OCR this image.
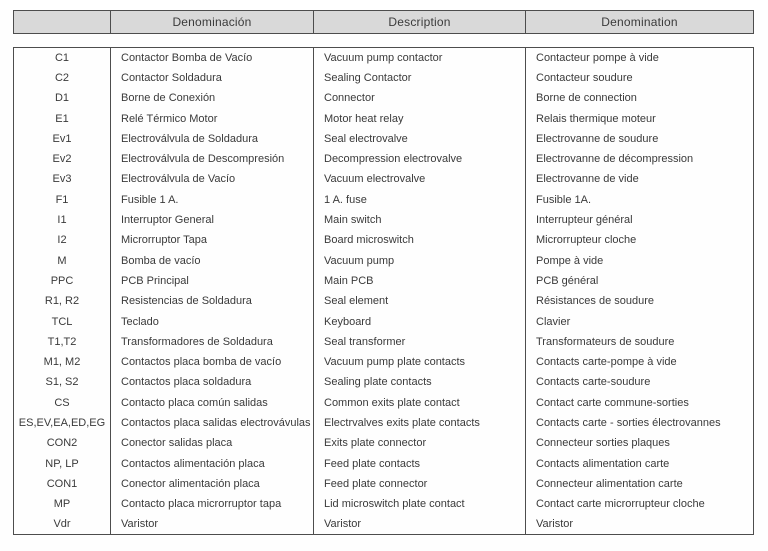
	Denominación	Description	Denomination
C1	Contactor Bomba de Vacío	Vacuum pump contactor	Contacteur pompe à vide
C2	Contactor Soldadura	Sealing Contactor	Contacteur soudure
D1	Borne de Conexión	Connector	Borne de connection
E1	Relé Térmico Motor	Motor heat relay	Relais thermique moteur
Ev1	Electroválvula de Soldadura	Seal electrovalve	Electrovanne de soudure
Ev2	Electroválvula de Descompresión	Decompression electrovalve	Electrovanne de décompression
Ev3	Electroválvula de Vacío	Vacuum electrovalve	Electrovanne de vide
F1	Fusible 1 A.	1 A. fuse	Fusible 1A.
I1	Interruptor General	Main switch	Interrupteur général
I2	Microrruptor Tapa	Board microswitch	Microrrupteur cloche
M	Bomba de vacío	Vacuum pump	Pompe à vide
PPC	PCB Principal	Main PCB	PCB général
R1, R2	Resistencias de Soldadura	Seal element	Résistances de soudure
TCL	Teclado	Keyboard	Clavier
T1,T2	Transformadores de Soldadura	Seal transformer	Transformateurs de soudure
M1, M2	Contactos placa bomba de vacío	Vacuum pump plate contacts	Contacts carte-pompe à vide
S1, S2	Contactos placa soldadura	Sealing plate contacts	Contacts carte-soudure
CS	Contacto placa común salidas	Common exits plate contact	Contact carte commune-sorties
ES,EV,EA,ED,EG	Contactos placa salidas electrovávulas	Electrvalves exits plate contacts	Contacts carte - sorties électrovannes
CON2	Conector salidas placa	Exits plate connector	Connecteur sorties plaques
NP, LP	Contactos alimentación placa	Feed plate contacts	Contacts alimentation carte
CON1	Conector alimentación placa	Feed plate connector	Connecteur alimentation carte
MP	Contacto placa microrruptor tapa	Lid microswitch plate contact	Contact carte microrrupteur cloche
Vdr	Varistor	Varistor	Varistor
